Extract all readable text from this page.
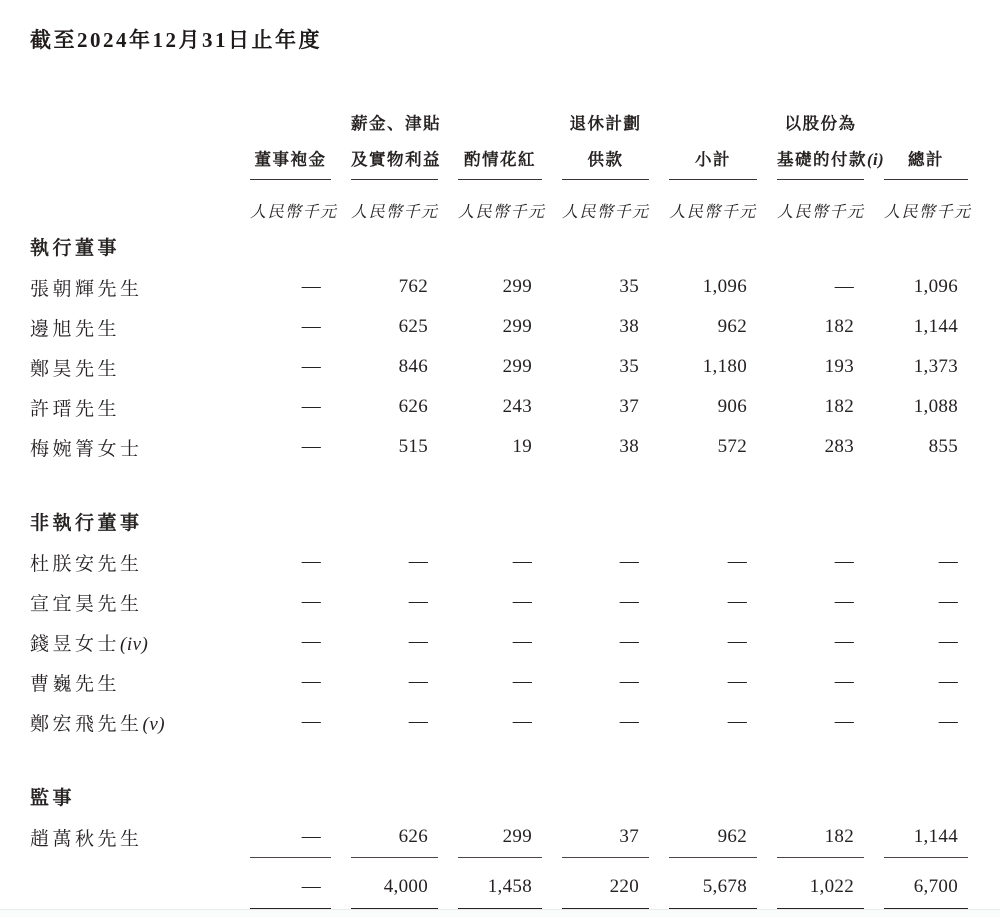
截至2024年12月31日止年度

		薪金、津貼		退休計劃		以股份為	

	董事袍金	及實物利益	酌情花紅	供款	小計	基礎的付款(i)	總計

	人民幣千元	人民幣千元	人民幣千元	人民幣千元	人民幣千元	人民幣千元	人民幣千元

執行董事							
張朝輝先生	—	762	299	35	1,096	—	1,096
邊旭先生	—	625	299	38	962	182	1,144
鄭昊先生	—	846	299	35	1,180	193	1,373
許瑨先生	—	626	243	37	906	182	1,088
梅婉箐女士	—	515	19	38	572	283	855

非執行董事							
杜朕安先生	—	—	—	—	—	—	—
宣宜昊先生	—	—	—	—	—	—	—
錢昱女士(iv)	—	—	—	—	—	—	—
曹巍先生	—	—	—	—	—	—	—
鄭宏飛先生(v)	—	—	—	—	—	—	—

監事							
趙萬秋先生	—	626	299	37	962	182	1,144

	—	4,000	1,458	220	5,678	1,022	6,700
